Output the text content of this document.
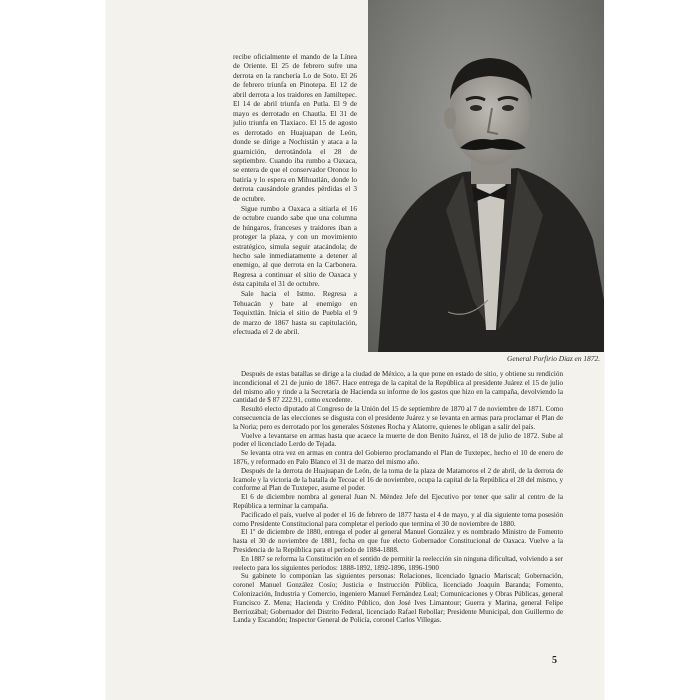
General Porfirio Díaz en 1872.

recibe oficialmente el mando de la Línea de Oriente. El 25 de febrero sufre una derrota en la ranchería Lo de Soto. El 26 de febrero triunfa en Pinotepa. El 12 de abril derrota a los traidores en Jamiltepec. El 14 de abril triunfa en Putla. El 9 de mayo es derrotado en Chautla. El 31 de julio triunfa en Tlaxiaco. El 15 de agosto es derrotado en Huajuapan de León, donde se dirige a Nochistán y ataca a la guarnición, derrotándola el 28 de septiembre. Cuando iba rumbo a Oaxaca, se entera de que el conservador Oronoz lo batiría y lo espera en Mihuatlán, donde lo derrota causándole grandes pérdidas el 3 de octubre.

Sigue rumbo a Oaxaca a sitiarla el 16 de octubre cuando sabe que una columna de húngaros, franceses y traidores iban a proteger la plaza, y con un movimiento estratégico, simula seguir atacándola; de hecho sale inmediatamente a detener al enemigo, al que derrota en la Carbonera. Regresa a continuar el sitio de Oaxaca y ésta capitula el 31 de octubre.

Sale hacia el Istmo. Regresa a Tehuacán y bate al enemigo en Tequixtlán. Inicia el sitio de Puebla el 9 de marzo de 1867 hasta su capitulación, efectuada el 2 de abril.

Después de estas batallas se dirige a la ciudad de México, a la que pone en estado de sitio, y obtiene su rendición incondicional el 21 de junio de 1867. Hace entrega de la capital de la República al presidente Juárez el 15 de julio del mismo año y rinde a la Secretaría de Hacienda su informe de los gastos que hizo en la campaña, devolviendo la cantidad de $ 87 222.91, como excedente.

Resultó electo diputado al Congreso de la Unión del 15 de septiembre de 1870 al 7 de noviembre de 1871. Como consecuencia de las elecciones se disgusta con el presidente Juárez y se levanta en armas para proclamar el Plan de la Noria; pero es derrotado por los generales Sóstenes Rocha y Alatorre, quienes le obligan a salir del país.

Vuelve a levantarse en armas hasta que acaece la muerte de don Benito Juárez, el 18 de julio de 1872. Sube al poder el licenciado Lerdo de Tejada.

Se levanta otra vez en armas en contra del Gobierno proclamando el Plan de Tuxtepec, hecho el 10 de enero de 1876, y reformado en Palo Blanco el 31 de marzo del mismo año.

Después de la derrota de Huajuapan de León, de la toma de la plaza de Matamoros el 2 de abril, de la derrota de Icamole y la victoria de la batalla de Tecoac el 16 de noviembre, ocupa la capital de la República el 28 del mismo, y conforme al Plan de Tuxtepec, asume el poder.

El 6 de diciembre nombra al general Juan N. Méndez Jefe del Ejecutivo por tener que salir al centro de la República a terminar la campaña.

Pacificado el país, vuelve al poder el 16 de febrero de 1877 hasta el 4 de mayo, y al día siguiente toma posesión como Presidente Constitucional para completar el período que termina el 30 de noviembre de 1880.

El 1º de diciembre de 1880, entrega el poder al general Manuel González y es nombrado Ministro de Fomento hasta el 30 de noviembre de 1881, fecha en que fue electo Gobernador Constitucional de Oaxaca. Vuelve a la Presidencia de la República para el período de 1884-1888.

En 1887 se reforma la Constitución en el sentido de permitir la reelección sin ninguna dificultad, volviendo a ser reelecto para los siguientes períodos: 1888-1892, 1892-1896, 1896-1900

Su gabinete lo componían las siguientes personas: Relaciones, licenciado Ignacio Mariscal; Gobernación, coronel Manuel González Cosío; Justicia e Instrucción Pública, licenciado Joaquín Baranda; Fomento, Colonización, Industria y Comercio, ingeniero Manuel Fernández Leal; Comunicaciones y Obras Públicas, general Francisco Z. Mena; Hacienda y Crédito Público, don José Ives Limantour; Guerra y Marina, general Felipe Berriozábal; Gobernador del Distrito Federal, licenciado Rafael Rebollar; Presidente Municipal, don Guillermo de Landa y Escandón; Inspector General de Policía, coronel Carlos Villegas.

5
